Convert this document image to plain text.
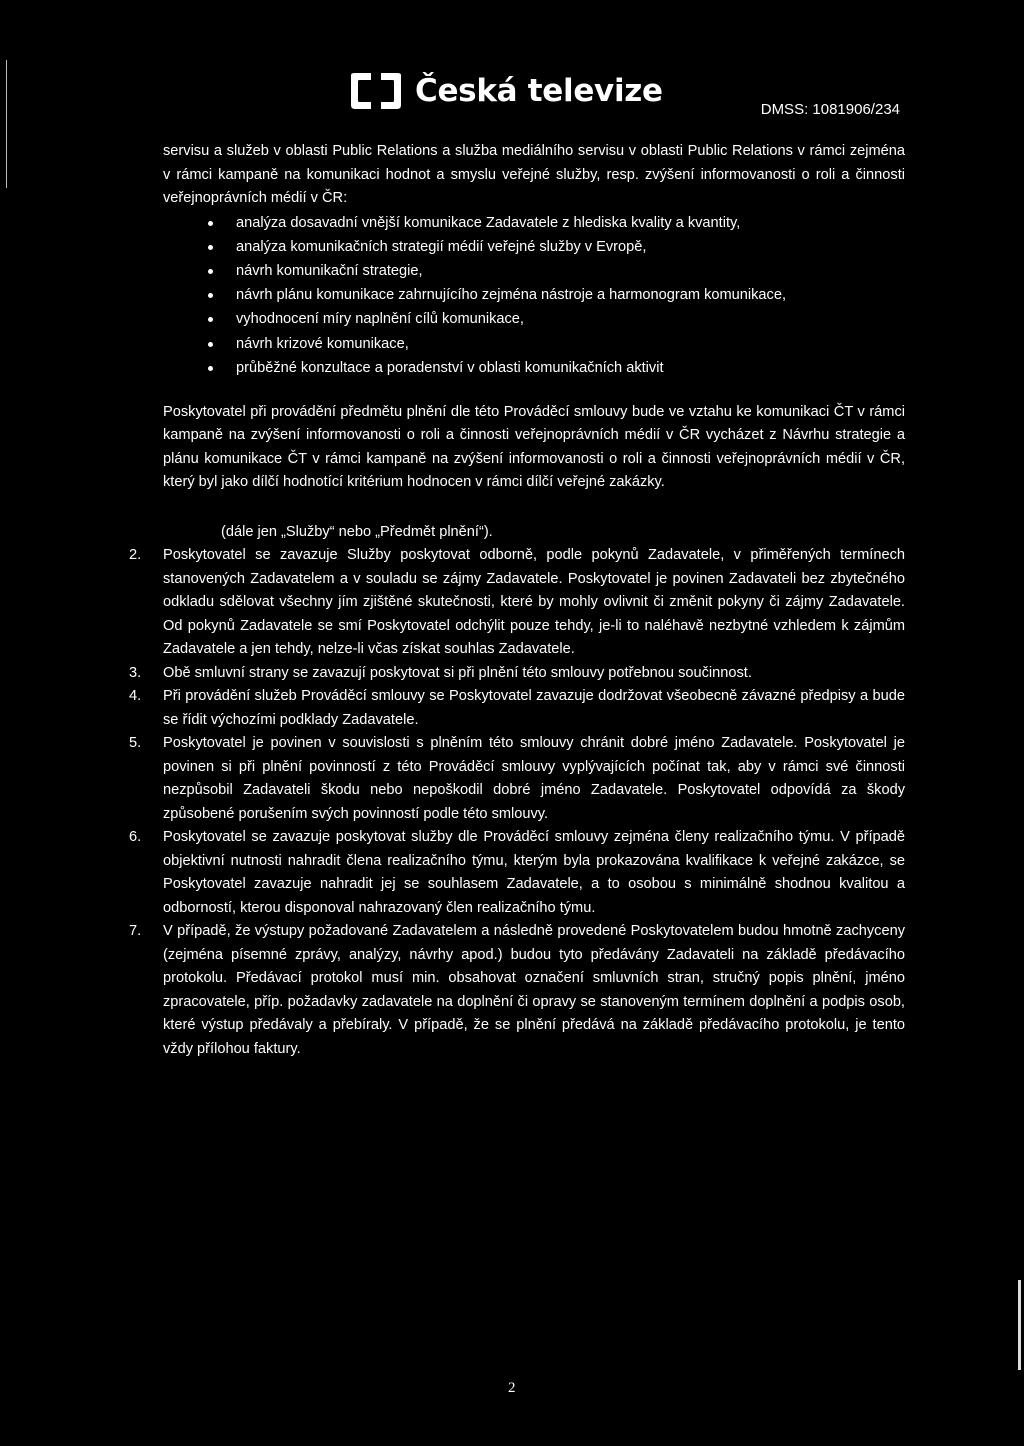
Česká televize
DMSS: 1081906/234

servisu a služeb v oblasti Public Relations a služba mediálního servisu v oblasti Public Relations v rámci zejména v rámci kampaně na komunikaci hodnot a smyslu veřejné služby, resp. zvýšení informovanosti o roli a činnosti veřejnoprávních médií v ČR:

analýza dosavadní vnější komunikace Zadavatele z hlediska kvality a kvantity,
analýza komunikačních strategií médií veřejné služby v Evropě,
návrh komunikační strategie,
návrh plánu komunikace zahrnujícího zejména nástroje a harmonogram komunikace,
vyhodnocení míry naplnění cílů komunikace,
návrh krizové komunikace,
průběžné konzultace a poradenství v oblasti komunikačních aktivit

Poskytovatel při provádění předmětu plnění dle této Prováděcí smlouvy bude ve vztahu ke komunikaci ČT v rámci kampaně na zvýšení informovanosti o roli a činnosti veřejnoprávních médií v ČR vycházet z Návrhu strategie a plánu komunikace ČT v rámci kampaně na zvýšení informovanosti o roli a činnosti veřejnoprávních médií v ČR, který byl jako dílčí hodnotící kritérium hodnocen v rámci dílčí veřejné zakázky.

(dále jen „Služby“ nebo „Předmět plnění“).

2. Poskytovatel se zavazuje Služby poskytovat odborně, podle pokynů Zadavatele, v přiměřených termínech stanovených Zadavatelem a v souladu se zájmy Zadavatele. Poskytovatel je povinen Zadavateli bez zbytečného odkladu sdělovat všechny jím zjištěné skutečnosti, které by mohly ovlivnit či změnit pokyny či zájmy Zadavatele. Od pokynů Zadavatele se smí Poskytovatel odchýlit pouze tehdy, je-li to naléhavě nezbytné vzhledem k zájmům Zadavatele a jen tehdy, nelze-li včas získat souhlas Zadavatele.
3. Obě smluvní strany se zavazují poskytovat si při plnění této smlouvy potřebnou součinnost.
4. Při provádění služeb Prováděcí smlouvy se Poskytovatel zavazuje dodržovat všeobecně závazné předpisy a bude se řídit výchozími podklady Zadavatele.
5. Poskytovatel je povinen v souvislosti s plněním této smlouvy chránit dobré jméno Zadavatele. Poskytovatel je povinen si při plnění povinností z této Prováděcí smlouvy vyplývajících počínat tak, aby v rámci své činnosti nezpůsobil Zadavateli škodu nebo nepoškodil dobré jméno Zadavatele. Poskytovatel odpovídá za škody způsobené porušením svých povinností podle této smlouvy.
6. Poskytovatel se zavazuje poskytovat služby dle Prováděcí smlouvy zejména členy realizačního týmu. V případě objektivní nutnosti nahradit člena realizačního týmu, kterým byla prokazována kvalifikace k veřejné zakázce, se Poskytovatel zavazuje nahradit jej se souhlasem Zadavatele, a to osobou s minimálně shodnou kvalitou a odborností, kterou disponoval nahrazovaný člen realizačního týmu.
7. V případě, že výstupy požadované Zadavatelem a následně provedené Poskytovatelem budou hmotně zachyceny (zejména písemné zprávy, analýzy, návrhy apod.) budou tyto předávány Zadavateli na základě předávacího protokolu. Předávací protokol musí min. obsahovat označení smluvních stran, stručný popis plnění, jméno zpracovatele, příp. požadavky zadavatele na doplnění či opravy se stanoveným termínem doplnění a podpis osob, které výstup předávaly a přebíraly. V případě, že se plnění předává na základě předávacího protokolu, je tento vždy přílohou faktury.
2
